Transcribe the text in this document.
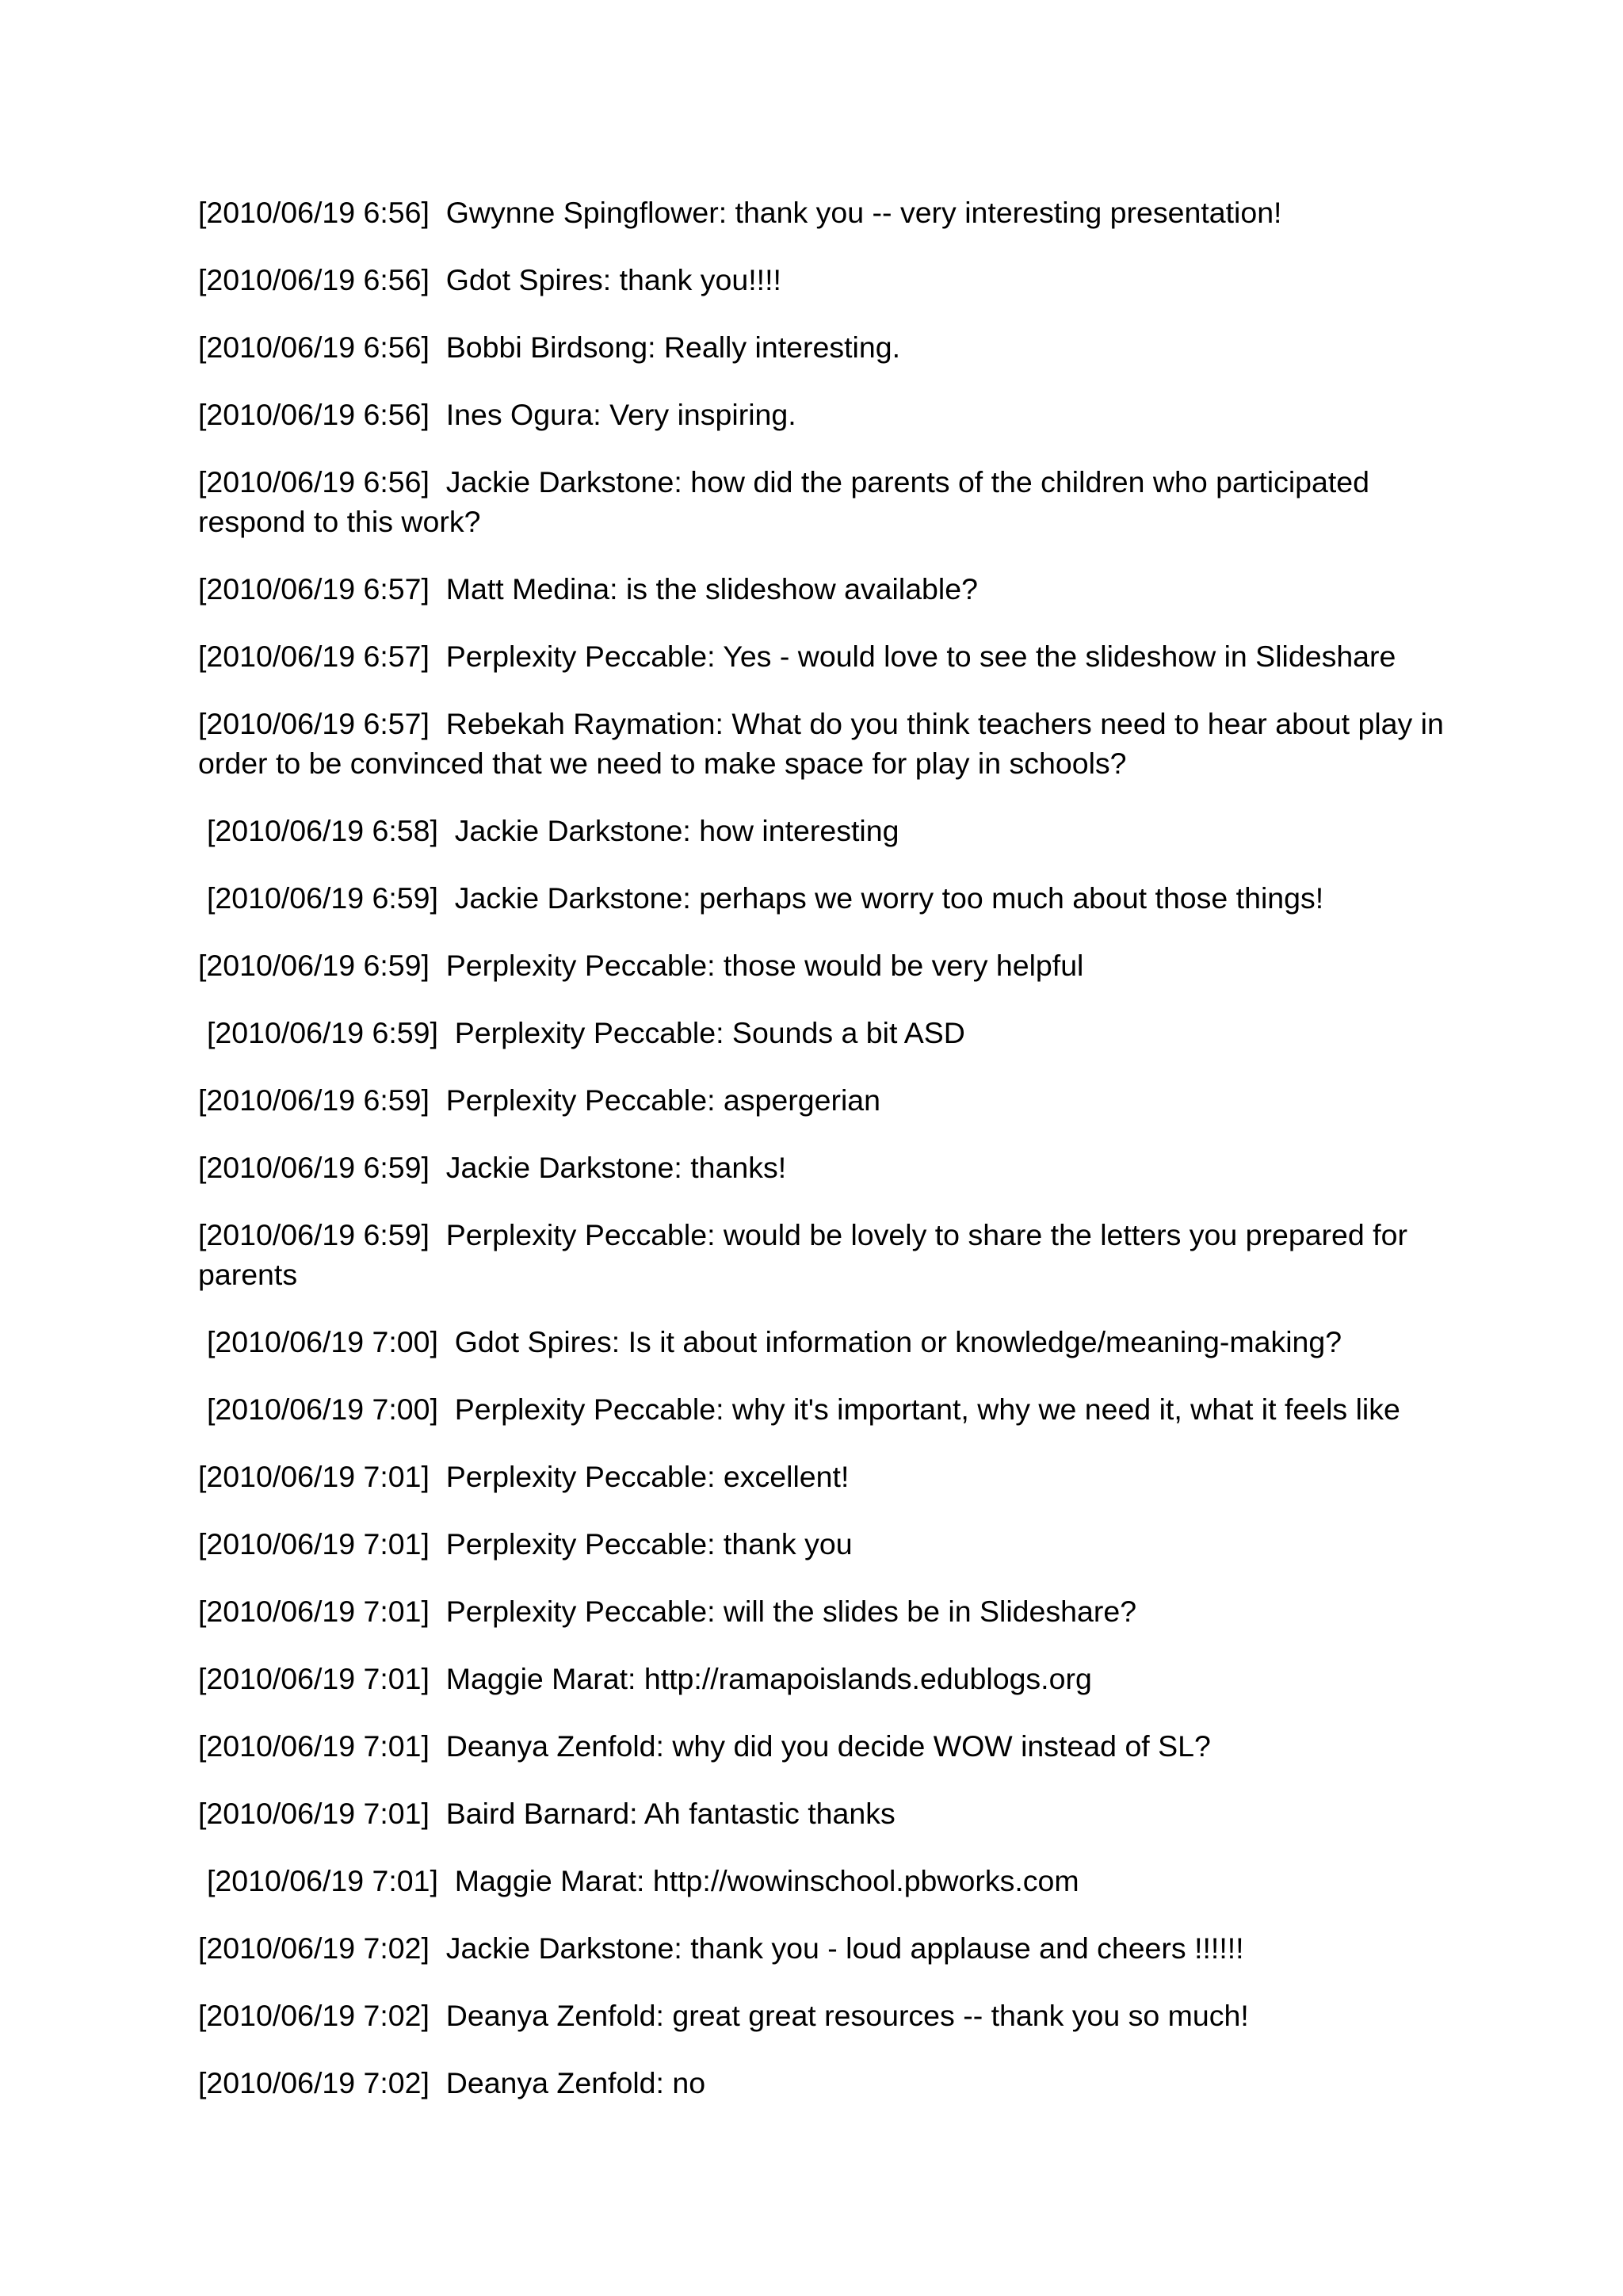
[2010/06/19 6:56]  Gwynne Spingflower: thank you -- very interesting presentation!

[2010/06/19 6:56]  Gdot Spires: thank you!!!!

[2010/06/19 6:56]  Bobbi Birdsong: Really interesting.

[2010/06/19 6:56]  Ines Ogura: Very inspiring.

[2010/06/19 6:56]  Jackie Darkstone: how did the parents of the children who participated respond to this work?

[2010/06/19 6:57]  Matt Medina: is the slideshow available?

[2010/06/19 6:57]  Perplexity Peccable: Yes - would love to see the slideshow in Slideshare

[2010/06/19 6:57]  Rebekah Raymation: What do you think teachers need to hear about play in order to be convinced that we need to make space for play in schools?

[2010/06/19 6:58]  Jackie Darkstone: how interesting

[2010/06/19 6:59]  Jackie Darkstone: perhaps we worry too much about those things!

[2010/06/19 6:59]  Perplexity Peccable: those would be very helpful

[2010/06/19 6:59]  Perplexity Peccable: Sounds a bit ASD

[2010/06/19 6:59]  Perplexity Peccable: aspergerian

[2010/06/19 6:59]  Jackie Darkstone: thanks!

[2010/06/19 6:59]  Perplexity Peccable: would be lovely to share the letters you prepared for parents

[2010/06/19 7:00]  Gdot Spires: Is it about information or knowledge/meaning-making?

[2010/06/19 7:00]  Perplexity Peccable: why it's important, why we need it, what it feels like

[2010/06/19 7:01]  Perplexity Peccable: excellent!

[2010/06/19 7:01]  Perplexity Peccable: thank you

[2010/06/19 7:01]  Perplexity Peccable: will the slides be in Slideshare?

[2010/06/19 7:01]  Maggie Marat: http://ramapoislands.edublogs.org

[2010/06/19 7:01]  Deanya Zenfold: why did you decide WOW instead of SL?

[2010/06/19 7:01]  Baird Barnard: Ah fantastic thanks

[2010/06/19 7:01]  Maggie Marat: http://wowinschool.pbworks.com

[2010/06/19 7:02]  Jackie Darkstone: thank you - loud applause and cheers !!!!!!

[2010/06/19 7:02]  Deanya Zenfold: great great resources -- thank you so much!

[2010/06/19 7:02]  Deanya Zenfold: no
